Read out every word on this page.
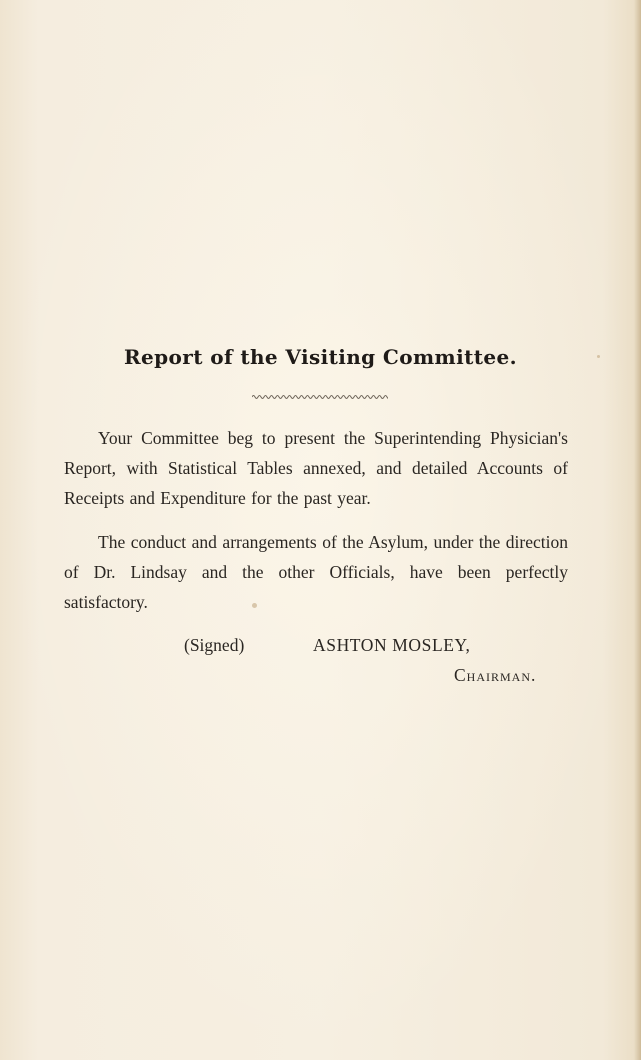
Report of the Visiting Committee.
Your Committee beg to present the Superintending Physician's Report, with Statistical Tables annexed, and detailed Accounts of Receipts and Expenditure for the past year.
The conduct and arrangements of the Asylum, under the direction of Dr. Lindsay and the other Officials, have been perfectly satisfactory.
(Signed)	ASHTON MOSLEY,
Chairman.
